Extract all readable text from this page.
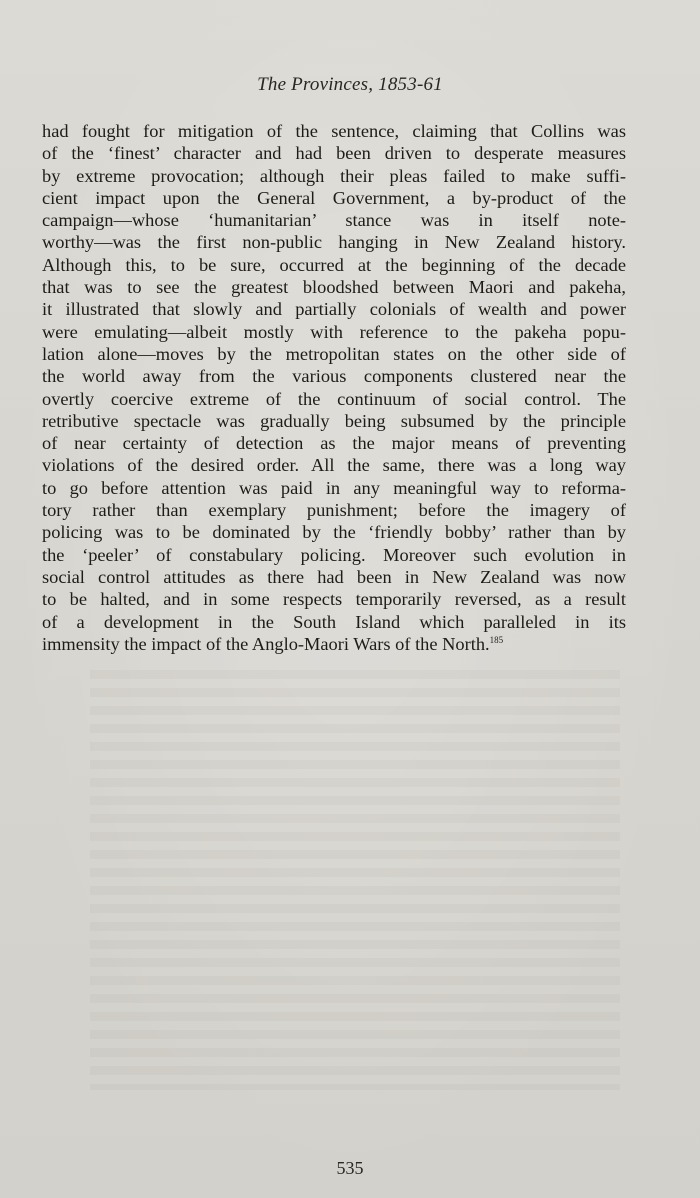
The Provinces, 1853-61
had fought for mitigation of the sentence, claiming that Collins was
of the ‘finest’ character and had been driven to desperate measures
by extreme provocation; although their pleas failed to make suffi-
cient impact upon the General Government, a by-product of the
campaign—whose ‘humanitarian’ stance was in itself note-
worthy—was the first non-public hanging in New Zealand history.
Although this, to be sure, occurred at the beginning of the decade
that was to see the greatest bloodshed between Maori and pakeha,
it illustrated that slowly and partially colonials of wealth and power
were emulating—albeit mostly with reference to the pakeha popu-
lation alone—moves by the metropolitan states on the other side of
the world away from the various components clustered near the
overtly coercive extreme of the continuum of social control. The
retributive spectacle was gradually being subsumed by the principle
of near certainty of detection as the major means of preventing
violations of the desired order. All the same, there was a long way
to go before attention was paid in any meaningful way to reforma-
tory rather than exemplary punishment; before the imagery of
policing was to be dominated by the ‘friendly bobby’ rather than by
the ‘peeler’ of constabulary policing. Moreover such evolution in
social control attitudes as there had been in New Zealand was now
to be halted, and in some respects temporarily reversed, as a result
of a development in the South Island which paralleled in its
immensity the impact of the Anglo-Maori Wars of the North.$^{185}$
535
